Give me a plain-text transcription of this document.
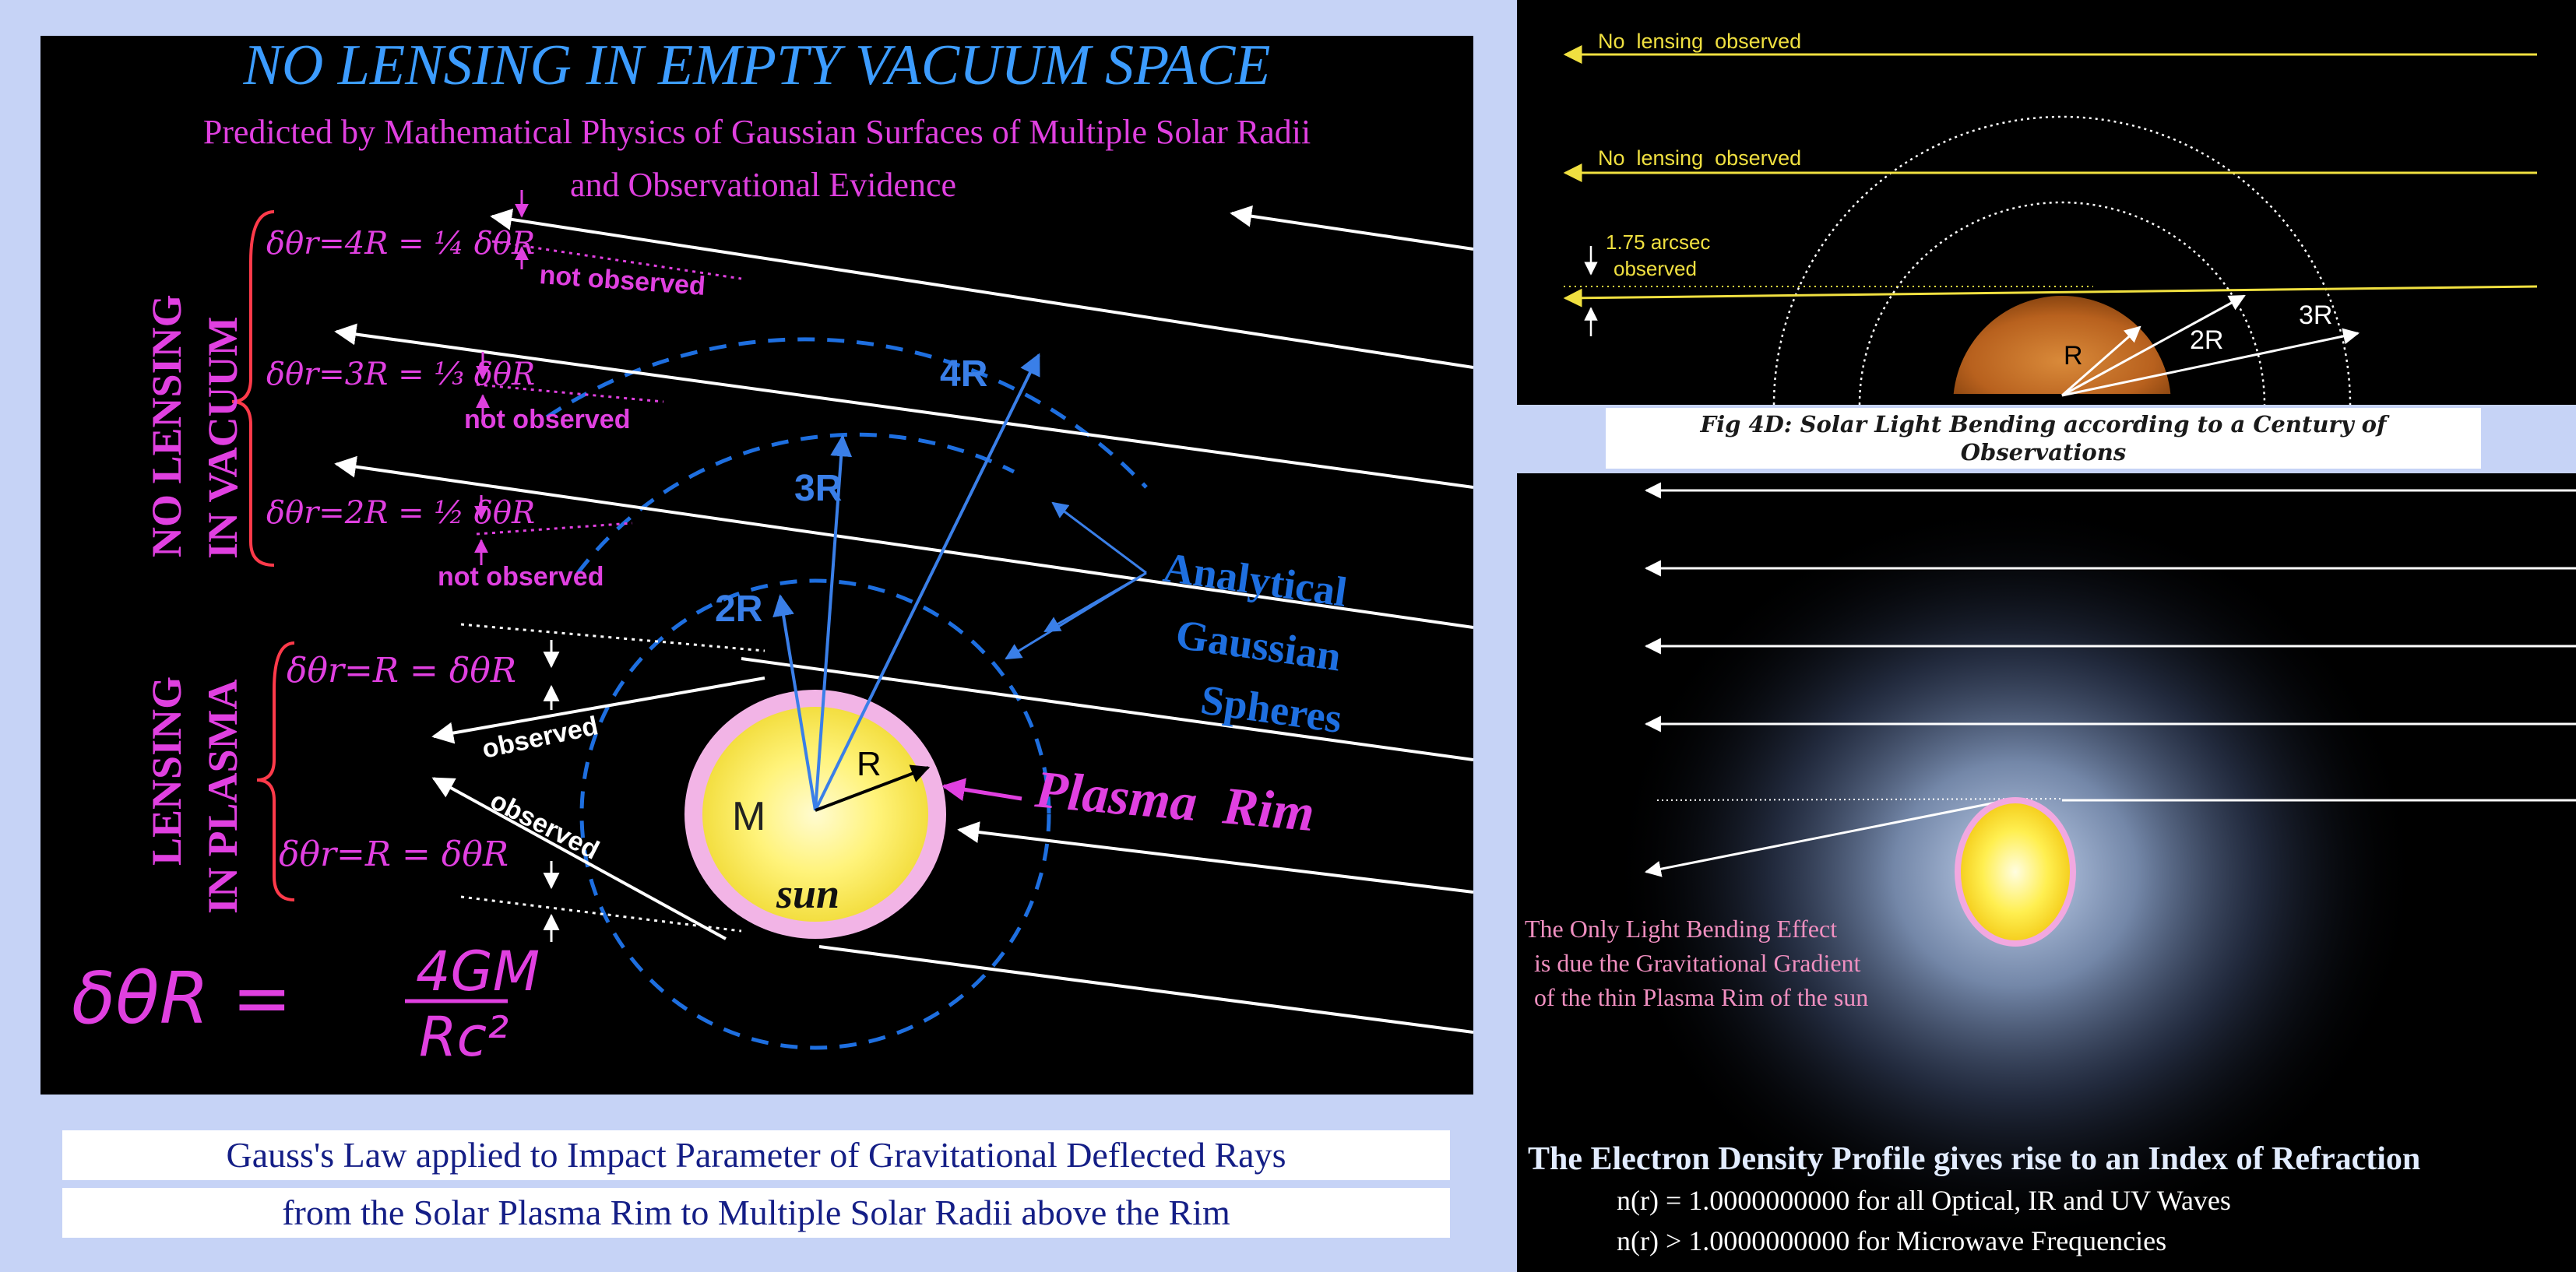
NO LENSING IN EMPTY VACUUM SPACE
Predicted by Mathematical Physics of Gaussian Surfaces of Multiple Solar Radii
and Observational Evidence
4R
3R
2R
R
M
sun
Analytical
Gaussian
Spheres
Plasma  Rim
not observed
not observed
not observed
observed
observed
NO LENSING IN VACUUM
LENSING IN PLASMA
δθr=4R = ¼ δθR
δθr=3R = ⅓ δθR
δθr=2R = ½ δθR
δθr=R = δθR
δθr=R = δθR
δθR = 4GM
Rc²
Gauss's Law applied to Impact Parameter of Gravitational Deflected Rays
from the Solar Plasma Rim to Multiple Solar Radii above the Rim
No  lensing  observed
No  lensing  observed
1.75 arcsec
observed
R
2R
3R
Fig 4D: Solar Light Bending according to a Century of
Observations
The Only Light Bending Effect
is due the Gravitational Gradient
of the thin Plasma Rim of the sun
The Electron Density Profile gives rise to an Index of Refraction
n(r) = 1.0000000000 for all Optical, IR and UV Waves
n(r) > 1.0000000000 for Microwave Frequencies
